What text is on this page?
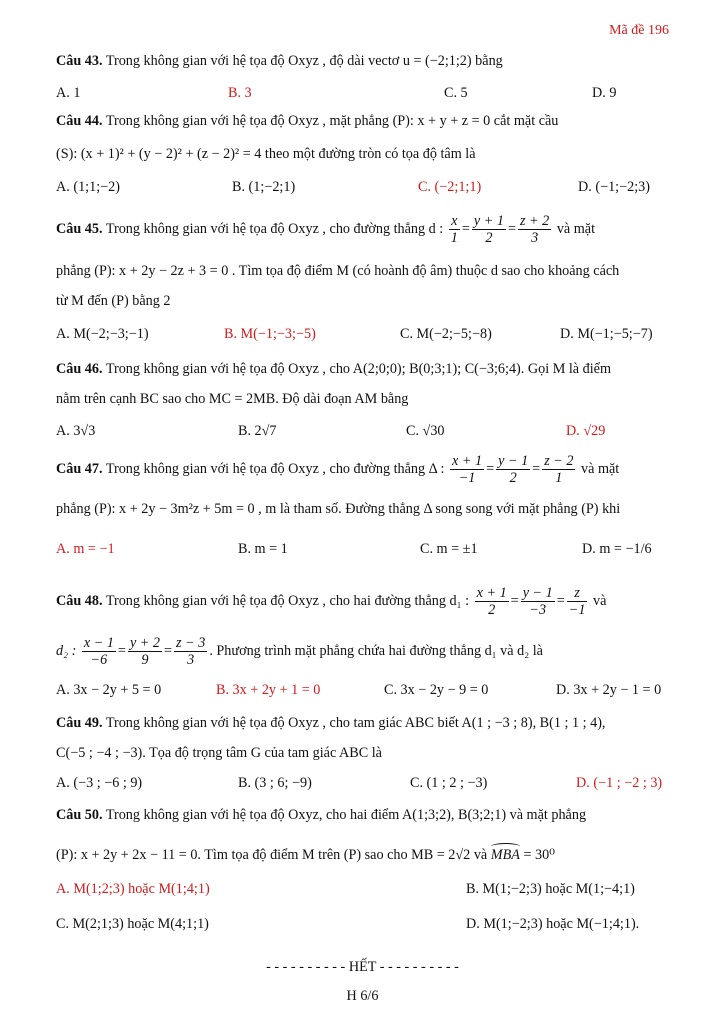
Mã đề 196
Câu 43. Trong không gian với hệ tọa độ Oxyz , độ dài vectơ u = (−2;1;2) bằng
A. 1	B. 3	C. 5	D. 9
Câu 44. Trong không gian với hệ tọa độ Oxyz , mặt phẳng (P): x + y + z = 0 cắt mặt cầu
(S): (x + 1)² + (y − 2)² + (z − 2)² = 4 theo một đường tròn có tọa độ tâm là
A. (1;1;−2)	B. (1;−2;1)	C. (−2;1;1)	D. (−1;−2;3)
Câu 45. Trong không gian với hệ tọa độ Oxyz , cho đường thẳng d : $\frac{x}{1} = \frac{y + 1}{2} = \frac{z + 2}{3}$ và mặt
phẳng (P): x + 2y − 2z + 3 = 0 . Tìm tọa độ điểm M (có hoành độ âm) thuộc d sao cho khoảng cách
từ M đến (P) bằng 2
A. M(−2;−3;−1)	B. M(−1;−3;−5)	C. M(−2;−5;−8)	D. M(−1;−5;−7)
Câu 46. Trong không gian với hệ tọa độ Oxyz , cho A(2;0;0); B(0;3;1); C(−3;6;4). Gọi M là điểm
nằm trên cạnh BC sao cho MC = 2MB. Độ dài đoạn AM bằng
A. 3√3	B. 2√7	C. √30	D. √29
Câu 47. Trong không gian với hệ tọa độ Oxyz , cho đường thẳng Δ : $\frac{x + 1}{-1} = \frac{y - 1}{2} = \frac{z - 2}{1}$ và mặt
phẳng (P): x + 2y − 3m²z + 5m = 0 , m là tham số. Đường thẳng Δ song song với mặt phẳng (P) khi
A. m = −1	B. m = 1	C. m = ±1	D. m = −1/6
Câu 48. Trong không gian với hệ tọa độ Oxyz , cho hai đường thẳng d₁ : $\frac{x + 1}{2} = \frac{y - 1}{-3} = \frac{z}{-1}$ và
d₂ : $\frac{x - 1}{-6} = \frac{y + 2}{9} = \frac{z - 3}{3}$ . Phương trình mặt phẳng chứa hai đường thẳng d₁ và d₂ là
A. 3x − 2y + 5 = 0	B. 3x + 2y + 1 = 0	C. 3x − 2y − 9 = 0	D. 3x + 2y − 1 = 0
Câu 49. Trong không gian với hệ tọa độ Oxyz , cho tam giác ABC biết A(1 ; −3 ; 8), B(1 ; 1 ; 4),
C(−5 ; −4 ; −3). Tọa độ trọng tâm G của tam giác ABC là
A. (−3 ; −6 ; 9)	B. (3 ; 6; −9)	C. (1 ; 2 ; −3)	D. (−1 ; −2 ; 3)
Câu 50. Trong không gian với hệ tọa độ Oxyz, cho hai điểm A(1;3;2), B(3;2;1) và mặt phẳng
(P): x + 2y + 2x − 11 = 0. Tìm tọa độ điểm M trên (P) sao cho MB = 2√2 và MBA = 30⁰
A. M(1;2;3) hoặc M(1;4;1)	B. M(1;−2;3) hoặc M(1;−4;1)
C. M(2;1;3) hoặc M(4;1;1)	D. M(1;−2;3) hoặc M(−1;4;1).
- - - - - - - - - - HẾT - - - - - - - - - -
H 6/6
